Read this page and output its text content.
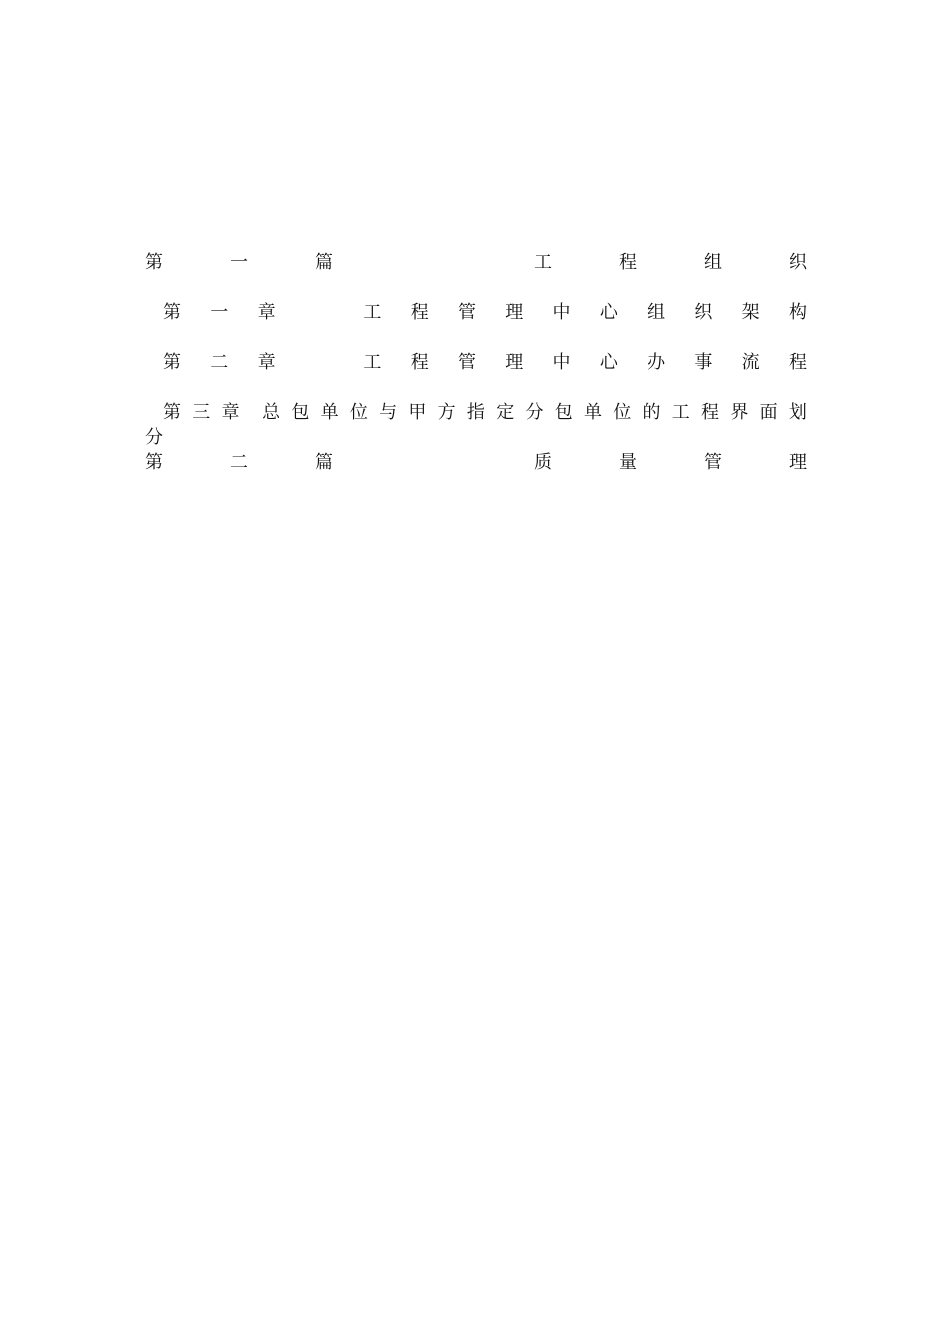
第	一	篇	工	程	组	织
第 一 章	工 程 管 理 中 心 组 织 架 构
第 二 章	工 程 管 理 中 心 办 事 流 程
第 三 章 总 包 单 位 与 甲 方 指 定 分 包 单 位 的 工 程 界 面 划
分
第	二	篇	质	量	管	理
